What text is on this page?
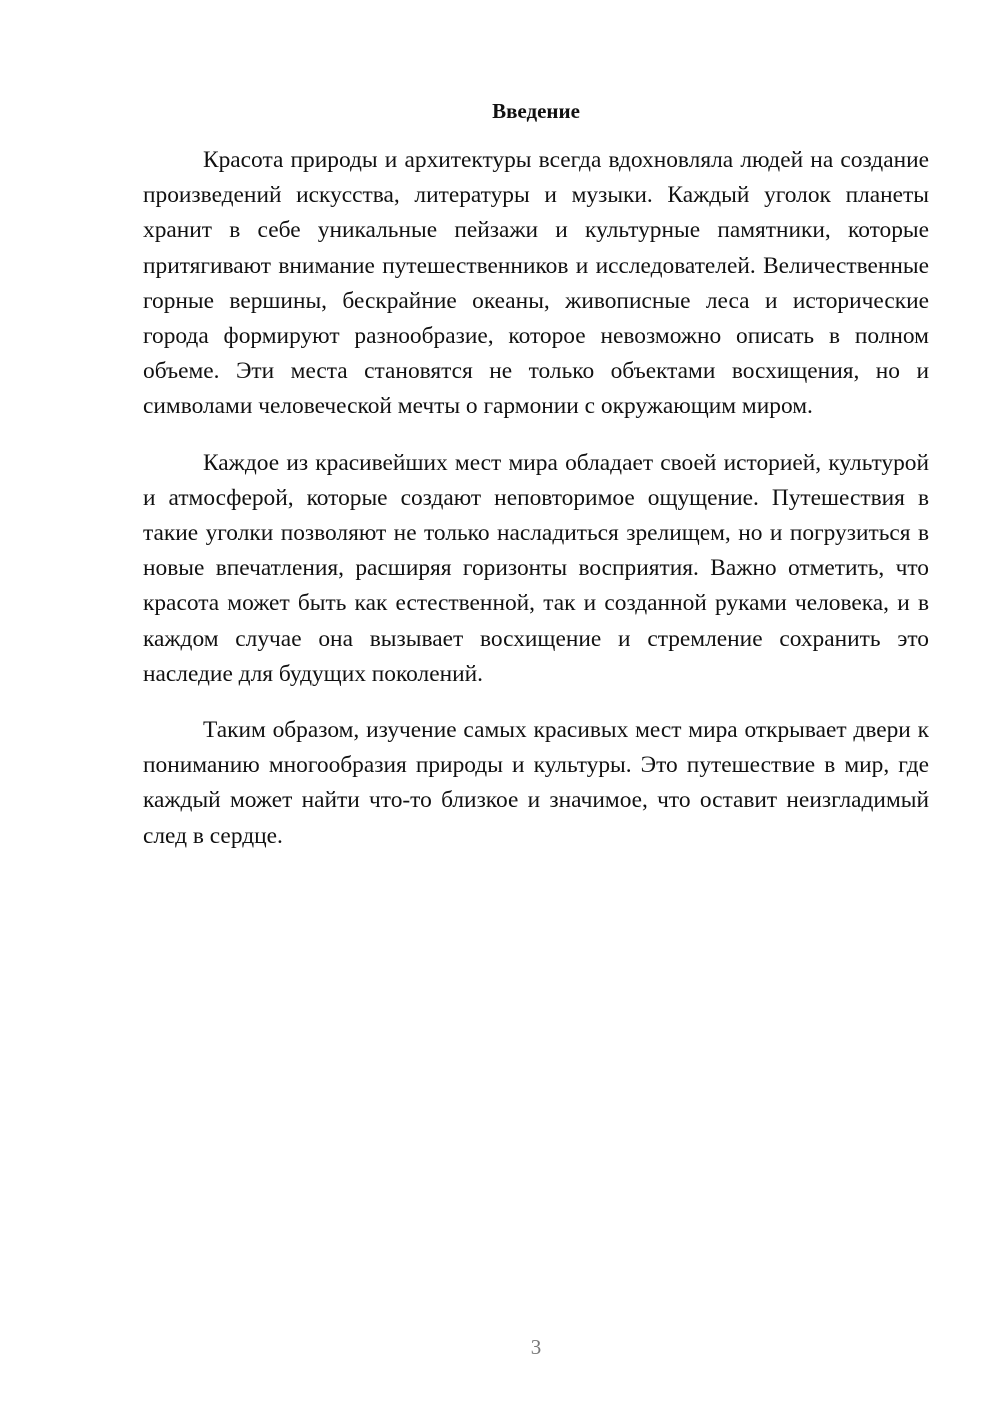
Введение

Красота природы и архитектуры всегда вдохновляла людей на создание произведений искусства, литературы и музыки. Каждый уголок планеты хранит в себе уникальные пейзажи и культурные памятники, которые притягивают внимание путешественников и исследователей. Величественные горные вершины, бескрайние океаны, живописные леса и исторические города формируют разнообразие, которое невозможно описать в полном объеме. Эти места становятся не только объектами восхищения, но и символами человеческой мечты о гармонии с окружающим миром.

Каждое из красивейших мест мира обладает своей историей, культурой и атмосферой, которые создают неповторимое ощущение. Путешествия в такие уголки позволяют не только насладиться зрелищем, но и погрузиться в новые впечатления, расширяя горизонты восприятия. Важно отметить, что красота может быть как естественной, так и созданной руками человека, и в каждом случае она вызывает восхищение и стремление сохранить это наследие для будущих поколений.

Таким образом, изучение самых красивых мест мира открывает двери к пониманию многообразия природы и культуры. Это путешествие в мир, где каждый может найти что-то близкое и значимое, что оставит неизгладимый след в сердце.

3
